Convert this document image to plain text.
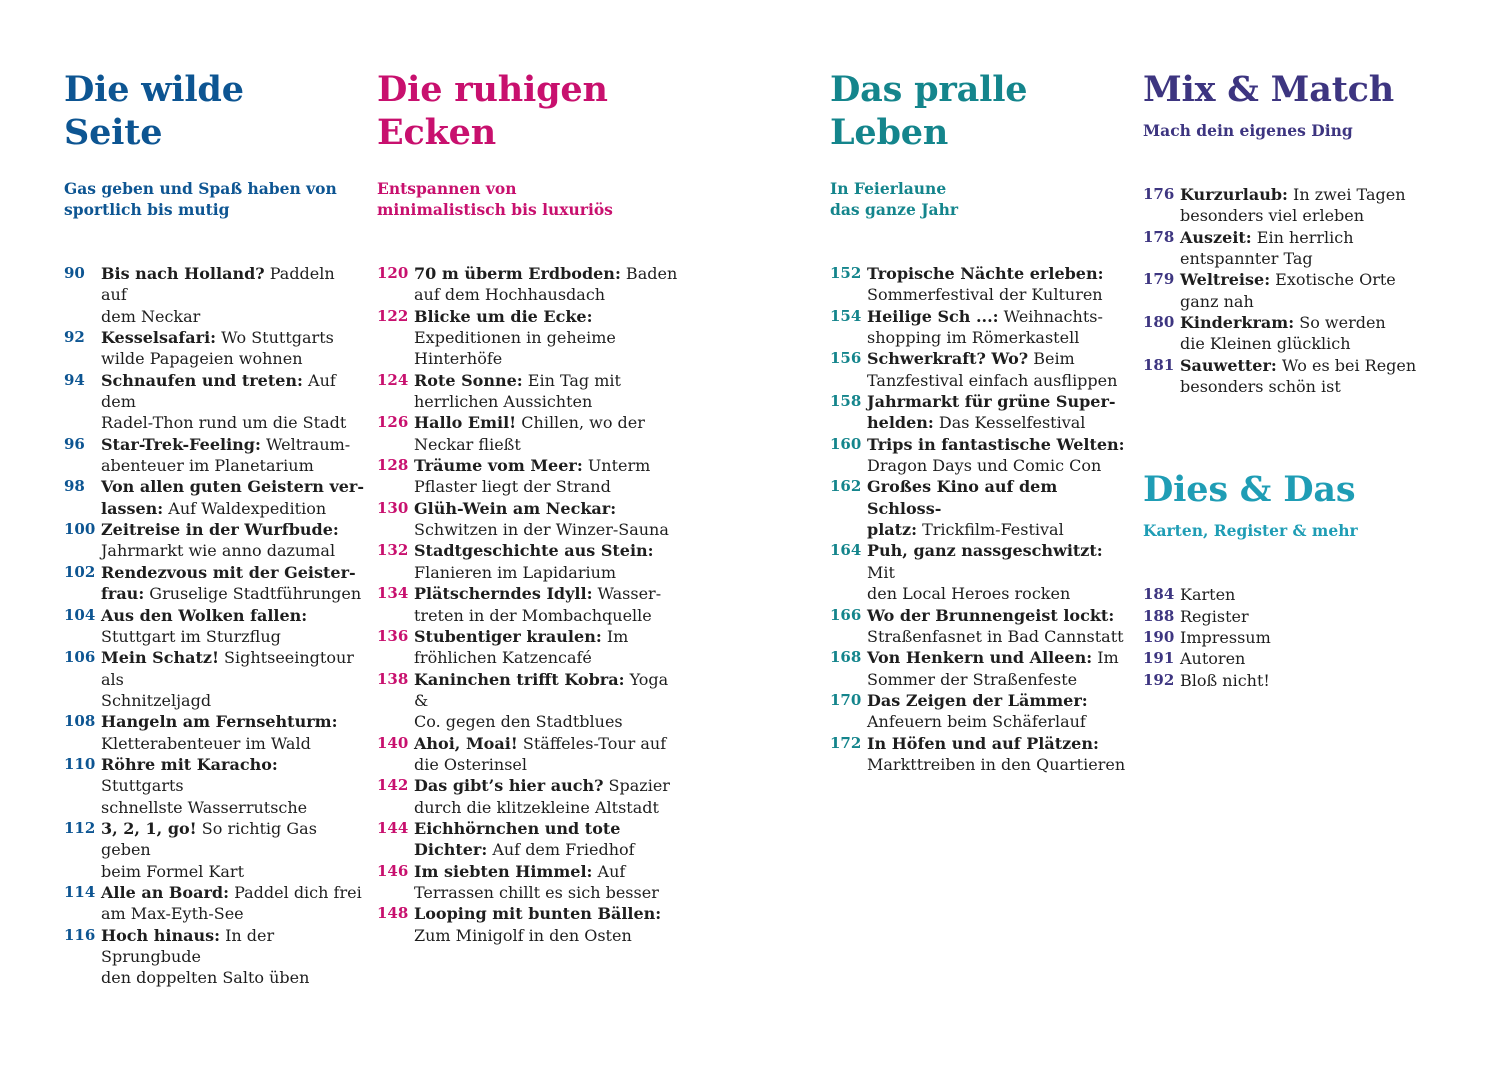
Die wilde
Seite

Gas geben und Spaß haben von
sportlich bis mutig

90	Bis nach Holland? Paddeln auf
dem Neckar
92	Kesselsafari: Wo Stuttgarts
wilde Papageien wohnen
94	Schnaufen und treten: Auf dem
Radel-Thon rund um die Stadt
96	Star-Trek-Feeling: Weltraum-
abenteuer im Planetarium
98	Von allen guten Geistern ver-
lassen: Auf Waldexpedition
100 Zeitreise in der Wurfbude:
Jahrmarkt wie anno dazumal
102 Rendezvous mit der Geister-
frau: Gruselige Stadtführungen
104 Aus den Wolken fallen:
Stuttgart im Sturzflug
106 Mein Schatz! Sightseeingtour als
Schnitzeljagd
108 Hangeln am Fernsehturm:
Kletterabenteuer im Wald
110 Röhre mit Karacho: Stuttgarts
schnellste Wasserrutsche
112 3, 2, 1, go! So richtig Gas geben
beim Formel Kart
114 Alle an Board: Paddel dich frei
am Max-Eyth-See
116 Hoch hinaus: In der Sprungbude
den doppelten Salto üben
Die ruhigen
Ecken

Entspannen von
minimalistisch bis luxuriös

120 70 m überm Erdboden: Baden
auf dem Hochhausdach
122 Blicke um die Ecke:
Expeditionen in geheime
Hinterhöfe
124 Rote Sonne: Ein Tag mit
herrlichen Aussichten
126 Hallo Emil! Chillen, wo der
Neckar fließt
128 Träume vom Meer: Unterm
Pflaster liegt der Strand
130 Glüh-Wein am Neckar:
Schwitzen in der Winzer-Sauna
132 Stadtgeschichte aus Stein:
Flanieren im Lapidarium
134 Plätscherndes Idyll: Wasser-
treten in der Mombachquelle
136 Stubentiger kraulen: Im
fröhlichen Katzencafé
138 Kaninchen trifft Kobra: Yoga &
Co. gegen den Stadtblues
140 Ahoi, Moai! Stäffeles-Tour auf
die Osterinsel
142 Das gibt’s hier auch? Spazier
durch die klitzekleine Altstadt
144 Eichhörnchen und tote
Dichter: Auf dem Friedhof
146 Im siebten Himmel: Auf
Terrassen chillt es sich besser
148 Looping mit bunten Bällen:
Zum Minigolf in den Osten
Das pralle
Leben

In Feierlaune
das ganze Jahr

152 Tropische Nächte erleben:
Sommerfestival der Kulturen
154 Heilige Sch ...: Weihnachts-
shopping im Römerkastell
156 Schwerkraft? Wo? Beim
Tanzfestival einfach ausflippen
158 Jahrmarkt für grüne Super-
helden: Das Kesselfestival
160 Trips in fantastische Welten:
Dragon Days und Comic Con
162 Großes Kino auf dem Schloss-
platz: Trickfilm-Festival
164 Puh, ganz nassgeschwitzt: Mit
den Local Heroes rocken
166 Wo der Brunnengeist lockt:
Straßenfasnet in Bad Cannstatt
168 Von Henkern und Alleen: Im
Sommer der Straßenfeste
170 Das Zeigen der Lämmer:
Anfeuern beim Schäferlauf
172 In Höfen und auf Plätzen:
Markttreiben in den Quartieren
Mix & Match

Mach dein eigenes Ding

176 Kurzurlaub: In zwei Tagen
besonders viel erleben
178 Auszeit: Ein herrlich
entspannter Tag
179 Weltreise: Exotische Orte
ganz nah
180 Kinderkram: So werden
die Kleinen glücklich
181 Sauwetter: Wo es bei Regen
besonders schön ist
Dies & Das

Karten, Register & mehr

184 Karten
188 Register
190 Impressum
191 Autoren
192 Bloß nicht!
